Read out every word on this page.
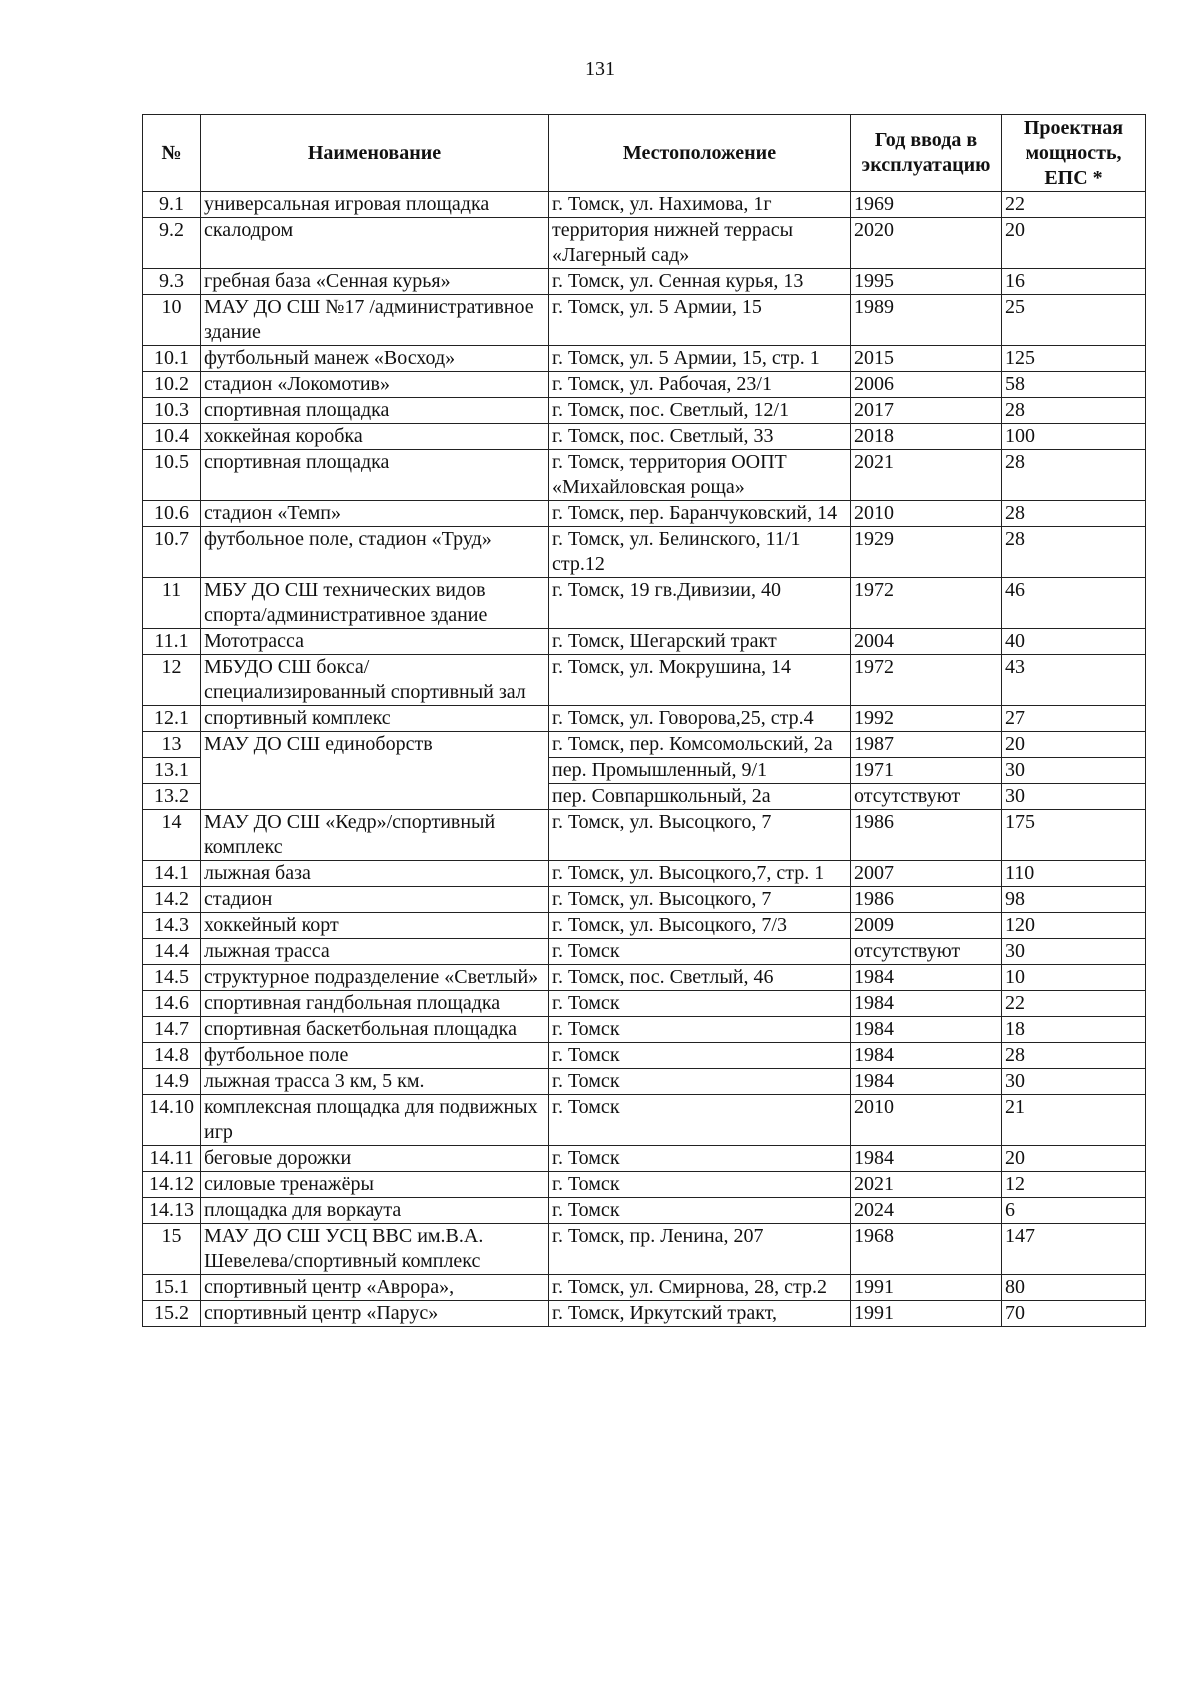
131
№	Наименование	Местоположение	Год ввода в эксплуатацию	Проектная мощность, ЕПС *
9.1	универсальная игровая площадка	г. Томск, ул. Нахимова, 1г	1969	22
9.2	скалодром	территория нижней террасы «Лагерный сад»	2020	20
9.3	гребная база «Сенная курья»	г. Томск, ул. Сенная курья, 13	1995	16
10	МАУ ДО СШ №17 /административное здание	г. Томск, ул. 5 Армии, 15	1989	25
10.1	футбольный манеж «Восход»	г. Томск, ул. 5 Армии, 15, стр. 1	2015	125
10.2	стадион «Локомотив»	г. Томск, ул. Рабочая, 23/1	2006	58
10.3	спортивная площадка	г. Томск, пос. Светлый, 12/1	2017	28
10.4	хоккейная коробка	г. Томск, пос. Светлый, 33	2018	100
10.5	спортивная площадка	г. Томск, территория ООПТ «Михайловская роща»	2021	28
10.6	стадион «Темп»	г. Томск, пер. Баранчуковский, 14	2010	28
10.7	футбольное поле, стадион «Труд»	г. Томск, ул. Белинского, 11/1 стр.12	1929	28
11	МБУ ДО СШ технических видов спорта/административное здание	г. Томск, 19 гв.Дивизии, 40	1972	46
11.1	Мототрасса	г. Томск, Шегарский тракт	2004	40
12	МБУДО СШ бокса/специализированный спортивный зал	г. Томск, ул. Мокрушина, 14	1972	43
12.1	спортивный комплекс	г. Томск, ул. Говорова,25, стр.4	1992	27
13	МАУ ДО СШ единоборств	г. Томск, пер. Комсомольский, 2а	1987	20
13.1		пер. Промышленный, 9/1	1971	30
13.2		пер. Совпаршкольный, 2а	отсутствуют	30
14	МАУ ДО СШ «Кедр»/спортивный комплекс	г. Томск, ул. Высоцкого, 7	1986	175
14.1	лыжная база	г. Томск, ул. Высоцкого,7, стр. 1	2007	110
14.2	стадион	г. Томск, ул. Высоцкого, 7	1986	98
14.3	хоккейный корт	г. Томск, ул. Высоцкого, 7/3	2009	120
14.4	лыжная трасса	г. Томск	отсутствуют	30
14.5	структурное подразделение «Светлый»	г. Томск, пос. Светлый, 46	1984	10
14.6	спортивная гандбольная площадка	г. Томск	1984	22
14.7	спортивная баскетбольная площадка	г. Томск	1984	18
14.8	футбольное поле	г. Томск	1984	28
14.9	лыжная трасса 3 км, 5 км.	г. Томск	1984	30
14.10	комплексная площадка для подвижных игр	г. Томск	2010	21
14.11	беговые дорожки	г. Томск	1984	20
14.12	силовые тренажёры	г. Томск	2021	12
14.13	площадка для воркаута	г. Томск	2024	6
15	МАУ ДО СШ УСЦ ВВС им.В.А. Шевелева/спортивный комплекс	г. Томск, пр. Ленина, 207	1968	147
15.1	спортивный центр «Аврора»,	г. Томск, ул. Смирнова, 28, стр.2	1991	80
15.2	спортивный центр «Парус»	г. Томск, Иркутский тракт,	1991	70
